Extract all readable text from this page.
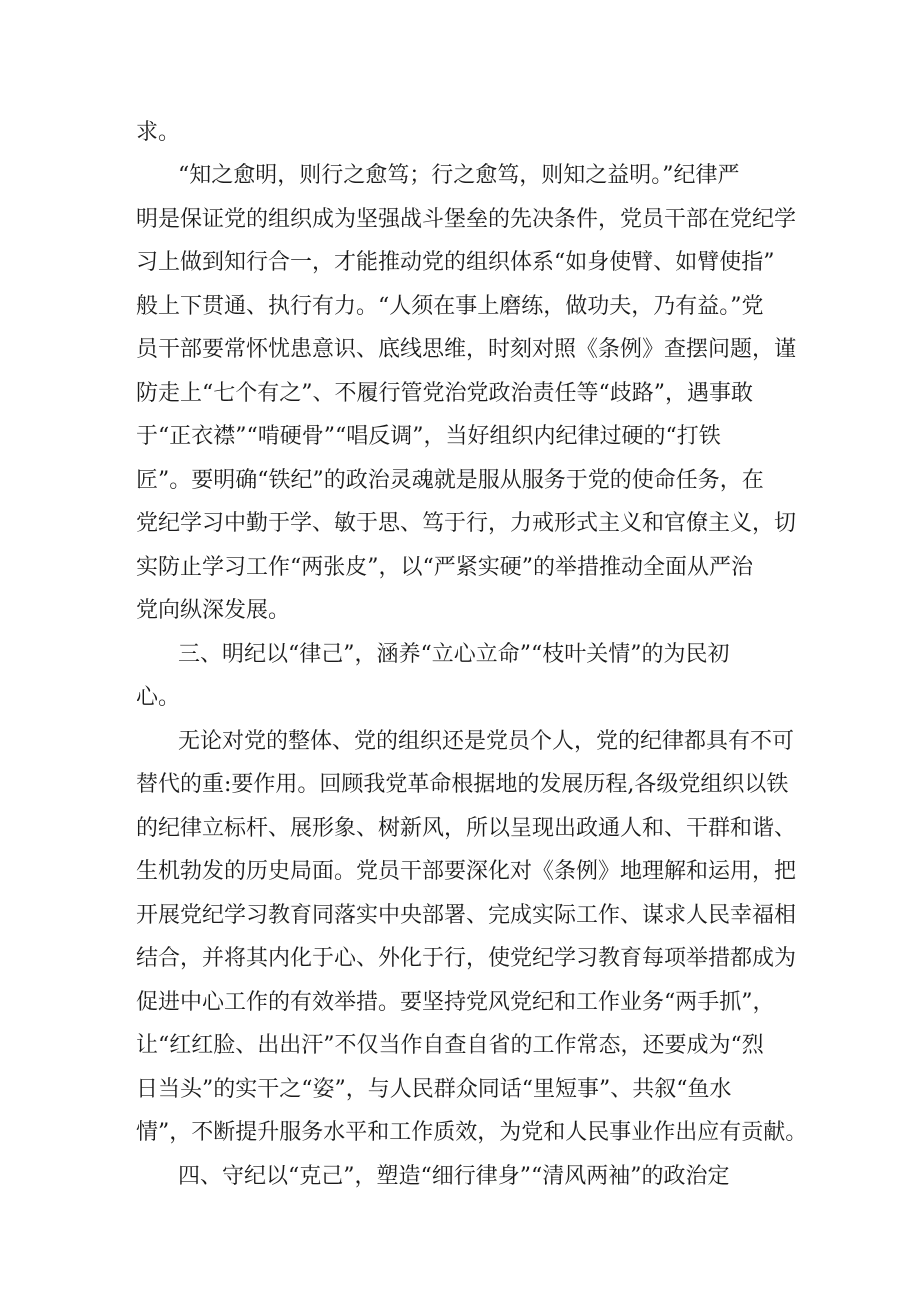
求。
“知之愈明，则行之愈笃；行之愈笃，则知之益明。”纪律严
明是保证党的组织成为坚强战斗堡垒的先决条件，党员干部在党纪学
习上做到知行合一，才能推动党的组织体系“如身使臂、如臂使指”
般上下贯通、执行有力。“人须在事上磨练，做功夫，乃有益。”党
员干部要常怀忧患意识、底线思维，时刻对照《条例》查摆问题，谨
防走上“七个有之”、不履行管党治党政治责任等“歧路”，遇事敢
于“正衣襟”“啃硬骨”“唱反调”，当好组织内纪律过硬的“打铁
匠”。要明确“铁纪”的政治灵魂就是服从服务于党的使命任务，在
党纪学习中勤于学、敏于思、笃于行，力戒形式主义和官僚主义，切
实防止学习工作“两张皮”，以“严紧实硬”的举措推动全面从严治
党向纵深发展。
三、明纪以“律己”，涵养“立心立命”“枝叶关情”的为民初
心。
无论对党的整体、党的组织还是党员个人，党的纪律都具有不可
替代的重:要作用。回顾我党革命根据地的发展历程,各级党组织以铁
的纪律立标杆、展形象、树新风，所以呈现出政通人和、干群和谐、
生机勃发的历史局面。党员干部要深化对《条例》地理解和运用，把
开展党纪学习教育同落实中央部署、完成实际工作、谋求人民幸福相
结合，并将其内化于心、外化于行，使党纪学习教育每项举措都成为
促进中心工作的有效举措。要坚持党风党纪和工作业务“两手抓”，
让“红红脸、出出汗”不仅当作自查自省的工作常态，还要成为“烈
日当头”的实干之“姿”，与人民群众同话“里短事”、共叙“鱼水
情”，不断提升服务水平和工作质效，为党和人民事业作出应有贡献。
四、守纪以“克己”，塑造“细行律身”“清风两袖”的政治定
